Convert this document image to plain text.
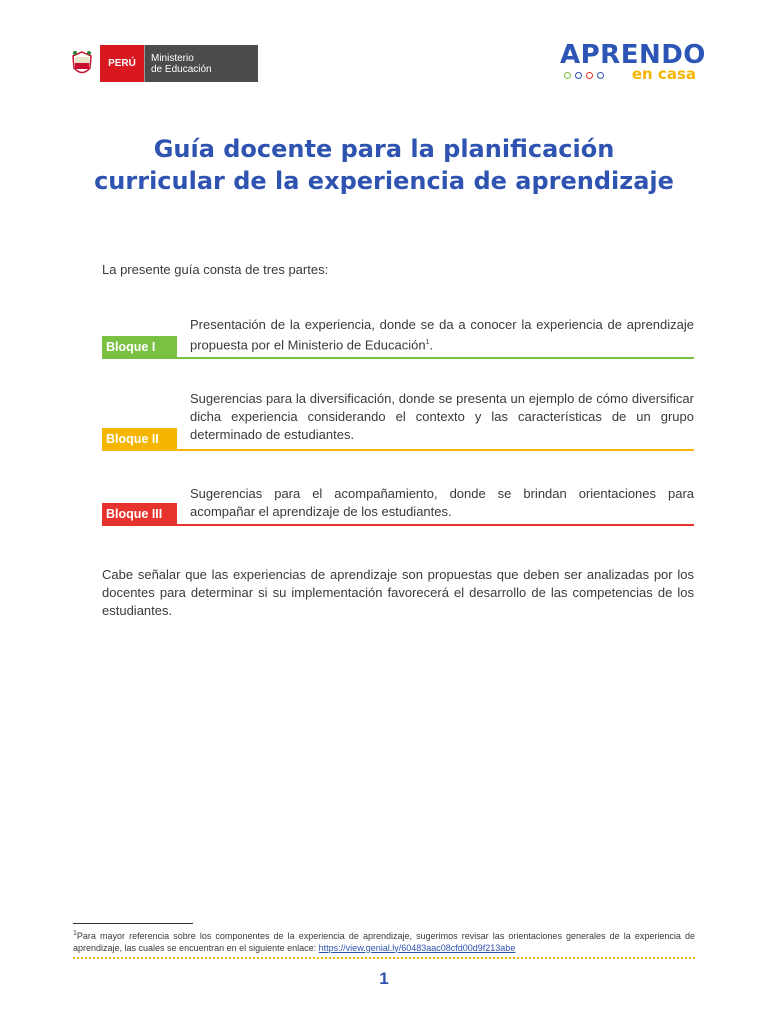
PERÚ	Ministerio
de Educación	APRENDO
en casa
Guía docente para la planificación
curricular de la experiencia de aprendizaje
La presente guía consta de tres partes:
Presentación de la experiencia, donde se da a conocer la experiencia de aprendizaje propuesta por el Ministerio de Educación$^1$.
Bloque I
Sugerencias para la diversificación, donde se presenta un ejemplo de cómo diversificar dicha experiencia considerando el contexto y las características de un grupo determinado de estudiantes.
Bloque II
Sugerencias para el acompañamiento, donde se brindan orientaciones para acompañar el aprendizaje de los estudiantes.
Bloque III
Cabe señalar que las experiencias de aprendizaje son propuestas que deben ser analizadas por los docentes para determinar si su implementación favorecerá el desarrollo de las competencias de los estudiantes.
$^1$Para mayor referencia sobre los componentes de la experiencia de aprendizaje, sugerimos revisar las orientaciones generales de la experiencia de aprendizaje, las cuales se encuentran en el siguiente enlace: https://view.genial.ly/60483aac08cfd00d9f213abe
1
